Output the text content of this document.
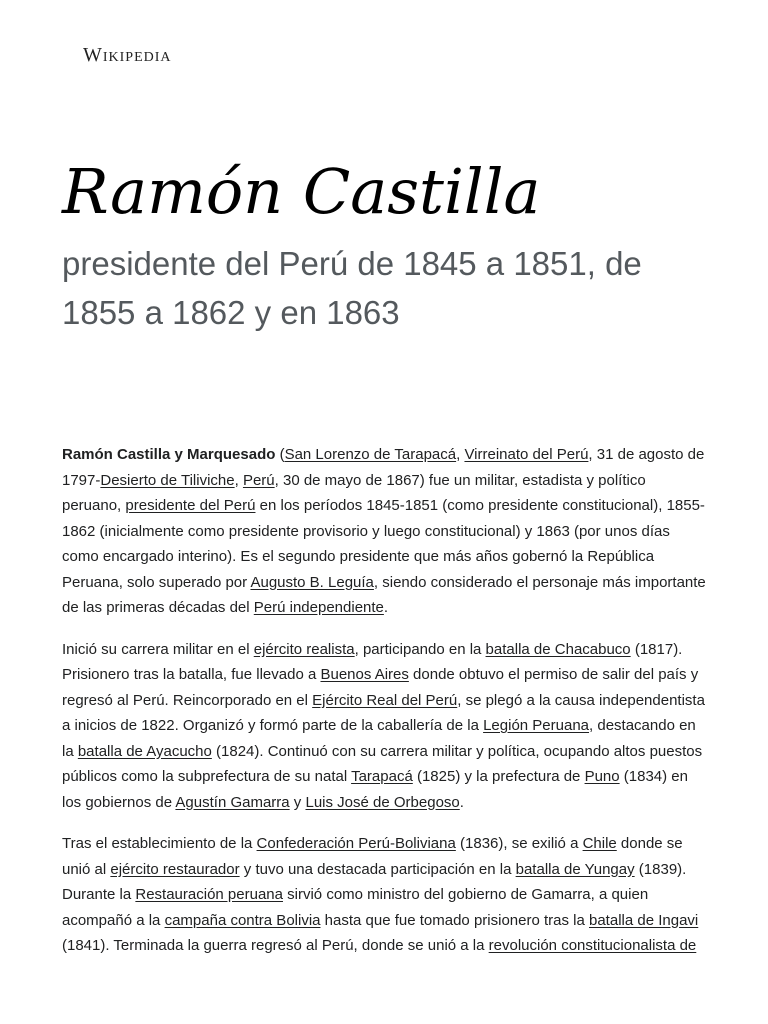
Wikipedia
Ramón Castilla
presidente del Perú de 1845 a 1851, de 1855 a 1862 y en 1863

Ramón Castilla y Marquesado (San Lorenzo de Tarapacá, Virreinato del Perú, 31 de agosto de 1797-Desierto de Tiliviche, Perú, 30 de mayo de 1867) fue un militar, estadista y político peruano, presidente del Perú en los períodos 1845-1851 (como presidente constitucional), 1855-1862 (inicialmente como presidente provisorio y luego constitucional) y 1863 (por unos días como encargado interino). Es el segundo presidente que más años gobernó la República Peruana, solo superado por Augusto B. Leguía, siendo considerado el personaje más importante de las primeras décadas del Perú independiente.

Inició su carrera militar en el ejército realista, participando en la batalla de Chacabuco (1817). Prisionero tras la batalla, fue llevado a Buenos Aires donde obtuvo el permiso de salir del país y regresó al Perú. Reincorporado en el Ejército Real del Perú, se plegó a la causa independentista a inicios de 1822. Organizó y formó parte de la caballería de la Legión Peruana, destacando en la batalla de Ayacucho (1824). Continuó con su carrera militar y política, ocupando altos puestos públicos como la subprefectura de su natal Tarapacá (1825) y la prefectura de Puno (1834) en los gobiernos de Agustín Gamarra y Luis José de Orbegoso.

Tras el establecimiento de la Confederación Perú-Boliviana (1836), se exilió a Chile donde se unió al ejército restaurador y tuvo una destacada participación en la batalla de Yungay (1839). Durante la Restauración peruana sirvió como ministro del gobierno de Gamarra, a quien acompañó a la campaña contra Bolivia hasta que fue tomado prisionero tras la batalla de Ingavi (1841). Terminada la guerra regresó al Perú, donde se unió a la revolución constitucionalista de
